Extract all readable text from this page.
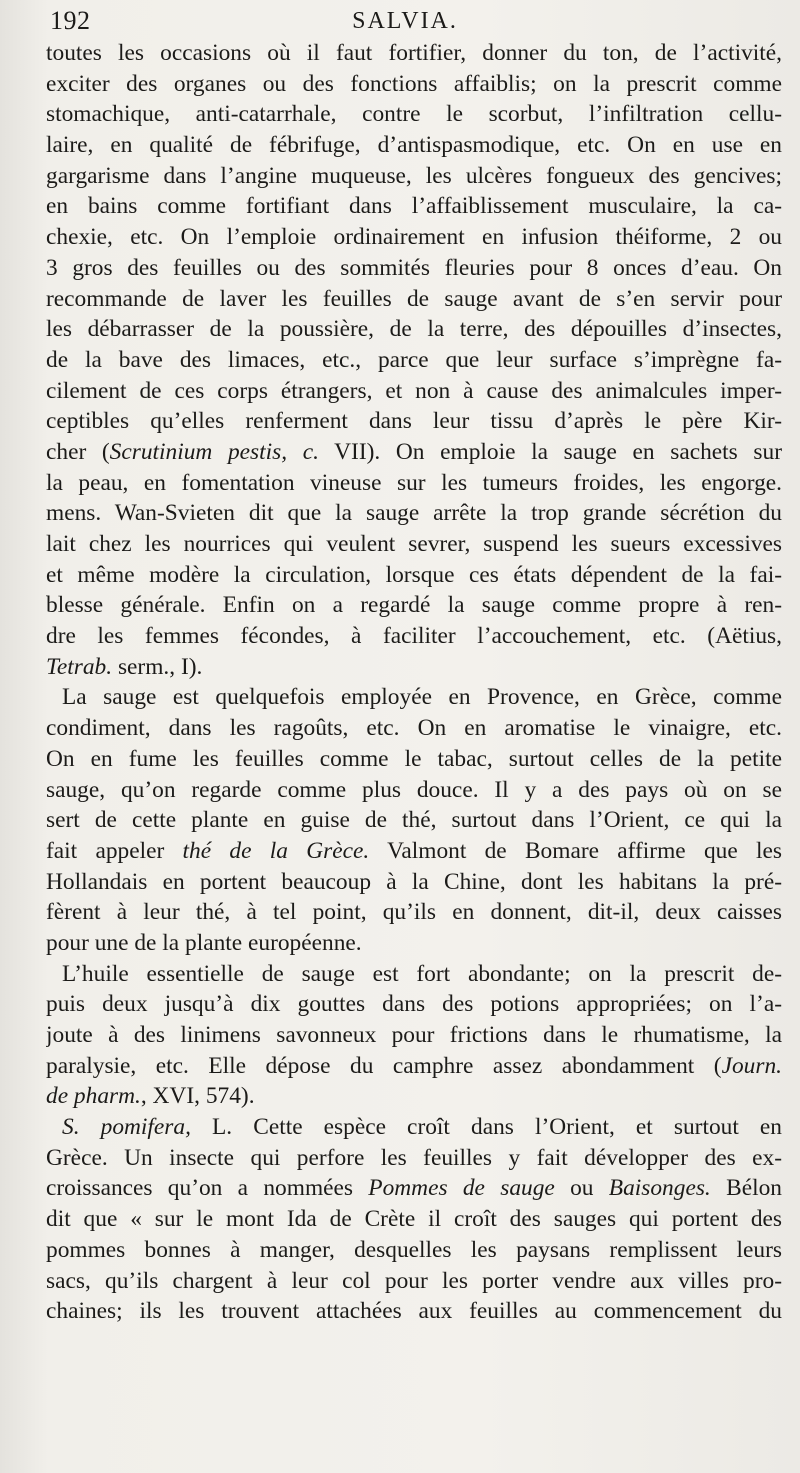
192	SALVIA.
toutes les occasions où il faut fortifier, donner du ton, de l’activité,
exciter des organes ou des fonctions affaiblis; on la prescrit comme
stomachique, anti-catarrhale, contre le scorbut, l’infiltration cellu-
laire, en qualité de fébrifuge, d’antispasmodique, etc. On en use en
gargarisme dans l’angine muqueuse, les ulcères fongueux des gencives;
en bains comme fortifiant dans l’affaiblissement musculaire, la ca-
chexie, etc. On l’emploie ordinairement en infusion théiforme, 2 ou
3 gros des feuilles ou des sommités fleuries pour 8 onces d’eau. On
recommande de laver les feuilles de sauge avant de s’en servir pour
les débarrasser de la poussière, de la terre, des dépouilles d’insectes,
de la bave des limaces, etc., parce que leur surface s’imprègne fa-
cilement de ces corps étrangers, et non à cause des animalcules imper-
ceptibles qu’elles renferment dans leur tissu d’après le père Kir-
cher (Scrutinium pestis, c. VII). On emploie la sauge en sachets sur
la peau, en fomentation vineuse sur les tumeurs froides, les engorge.
mens. Wan-Svieten dit que la sauge arrête la trop grande sécrétion du
lait chez les nourrices qui veulent sevrer, suspend les sueurs excessives
et même modère la circulation, lorsque ces états dépendent de la fai-
blesse générale. Enfin on a regardé la sauge comme propre à ren-
dre les femmes fécondes, à faciliter l’accouchement, etc. (Aëtius,
Tetrab. serm., I).
La sauge est quelquefois employée en Provence, en Grèce, comme
condiment, dans les ragoûts, etc. On en aromatise le vinaigre, etc.
On en fume les feuilles comme le tabac, surtout celles de la petite
sauge, qu’on regarde comme plus douce. Il y a des pays où on se
sert de cette plante en guise de thé, surtout dans l’Orient, ce qui la
fait appeler thé de la Grèce. Valmont de Bomare affirme que les
Hollandais en portent beaucoup à la Chine, dont les habitans la pré-
fèrent à leur thé, à tel point, qu’ils en donnent, dit-il, deux caisses
pour une de la plante européenne.
L’huile essentielle de sauge est fort abondante; on la prescrit de-
puis deux jusqu’à dix gouttes dans des potions appropriées; on l’a-
joute à des linimens savonneux pour frictions dans le rhumatisme, la
paralysie, etc. Elle dépose du camphre assez abondamment (Journ.
de pharm., XVI, 574).
S. pomifera, L. Cette espèce croît dans l’Orient, et surtout en
Grèce. Un insecte qui perfore les feuilles y fait développer des ex-
croissances qu’on a nommées Pommes de sauge ou Baisonges. Bélon
dit que « sur le mont Ida de Crète il croît des sauges qui portent des
pommes bonnes à manger, desquelles les paysans remplissent leurs
sacs, qu’ils chargent à leur col pour les porter vendre aux villes pro-
chaines; ils les trouvent attachées aux feuilles au commencement du
